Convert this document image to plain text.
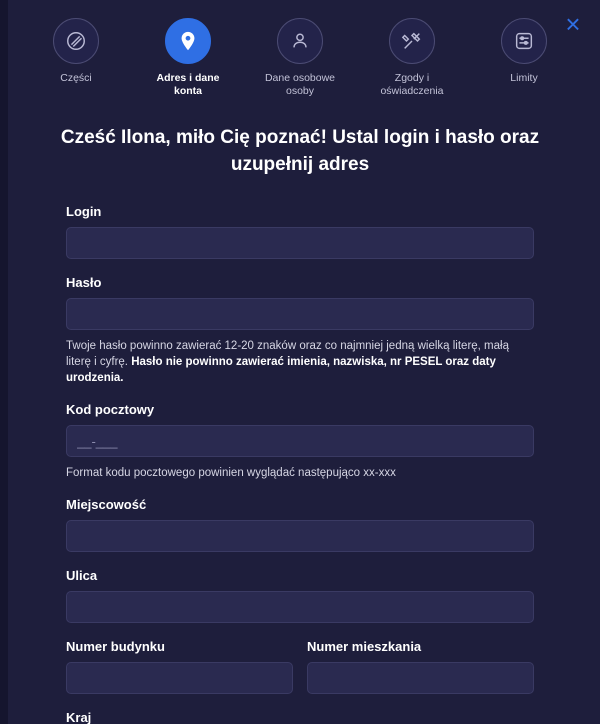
×
Części	Adres i dane konta
Dane osobowe osoby
Zgody i oświadczenia
Limity
Cześć Ilona, miło Cię poznać! Ustal login i hasło oraz uzupełnij adres
Login
Hasło
Twoje hasło powinno zawierać 12-20 znaków oraz co najmniej jedną wielką literę, małą literę i cyfrę. Hasło nie powinno zawierać imienia, nazwiska, nr PESEL oraz daty urodzenia.
Kod pocztowy
__-___
Format kodu pocztowego powinien wyglądać następująco xx-xxx
Miejscowość
Ulica
Numer budynku	Numer mieszkania
Kraj
